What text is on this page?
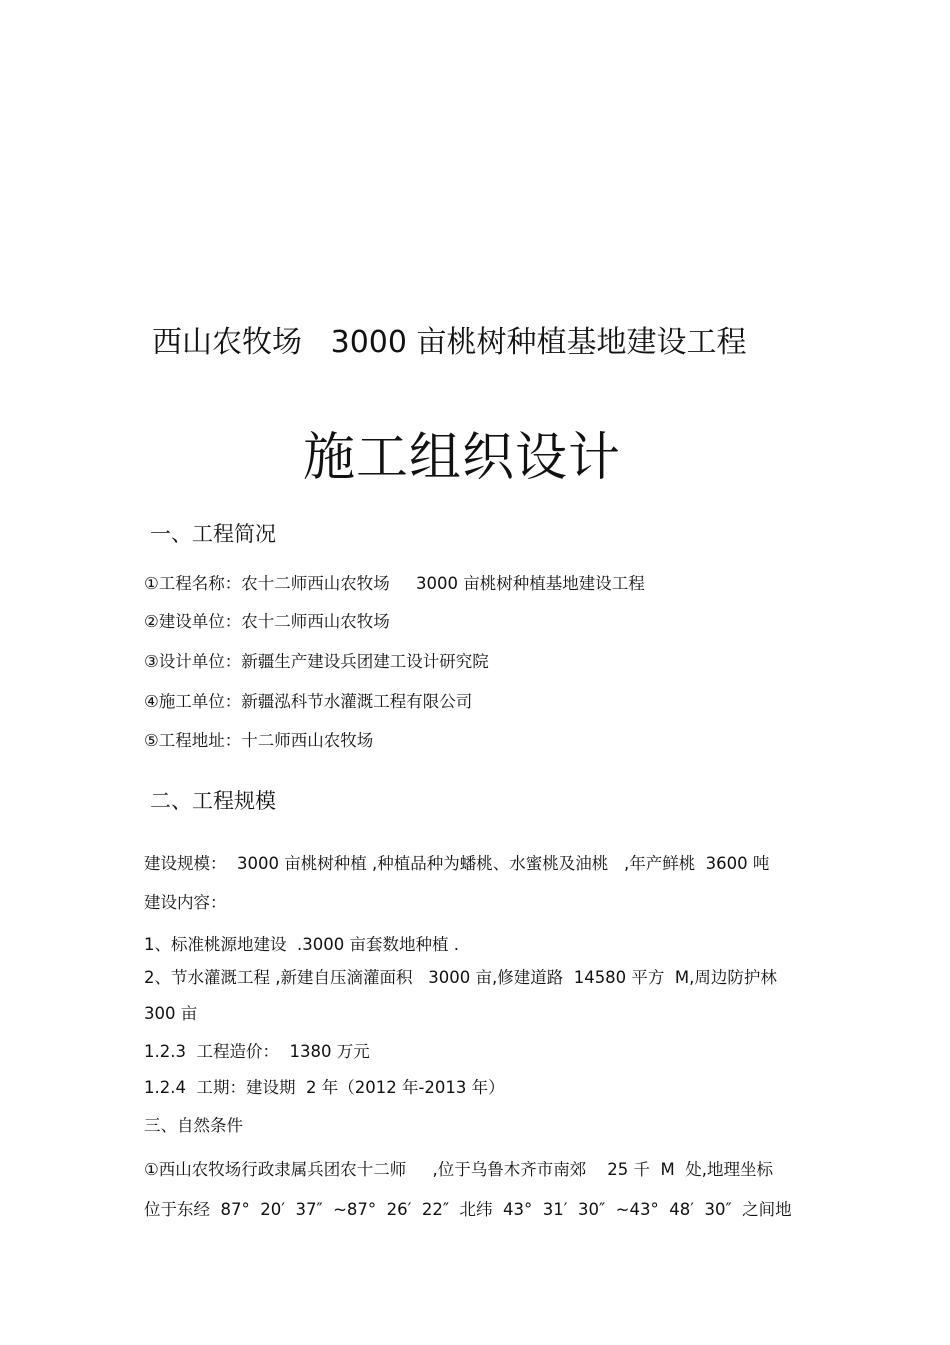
西山农牧场   3000 亩桃树种植基地建设工程
施工组织设计
一、工程简况
①工程名称：农十二师西山农牧场     3000 亩桃树种植基地建设工程
②建设单位：农十二师西山农牧场
③设计单位：新疆生产建设兵团建工设计研究院
④施工单位：新疆泓科节水灌溉工程有限公司
⑤工程地址：十二师西山农牧场
二、工程规模
建设规模：  3000 亩桃树种植 ,种植品种为蟠桃、水蜜桃及油桃   ,年产鲜桃  3600 吨
建设内容：
1、标准桃源地建设  .3000 亩套数地种植 .
2、节水灌溉工程 ,新建自压滴灌面积   3000 亩,修建道路  14580 平方  M,周边防护林
300 亩
1.2.3  工程造价：  1380 万元
1.2.4  工期：建设期  2 年（2012 年-2013 年）
三、自然条件
①西山农牧场行政隶属兵团农十二师     ,位于乌鲁木齐市南郊    25 千  M  处,地理坐标
位于东经  87°  20′  37″  ~87°  26′  22″  北纬  43°  31′  30″  ~43°  48′  30″  之间地
